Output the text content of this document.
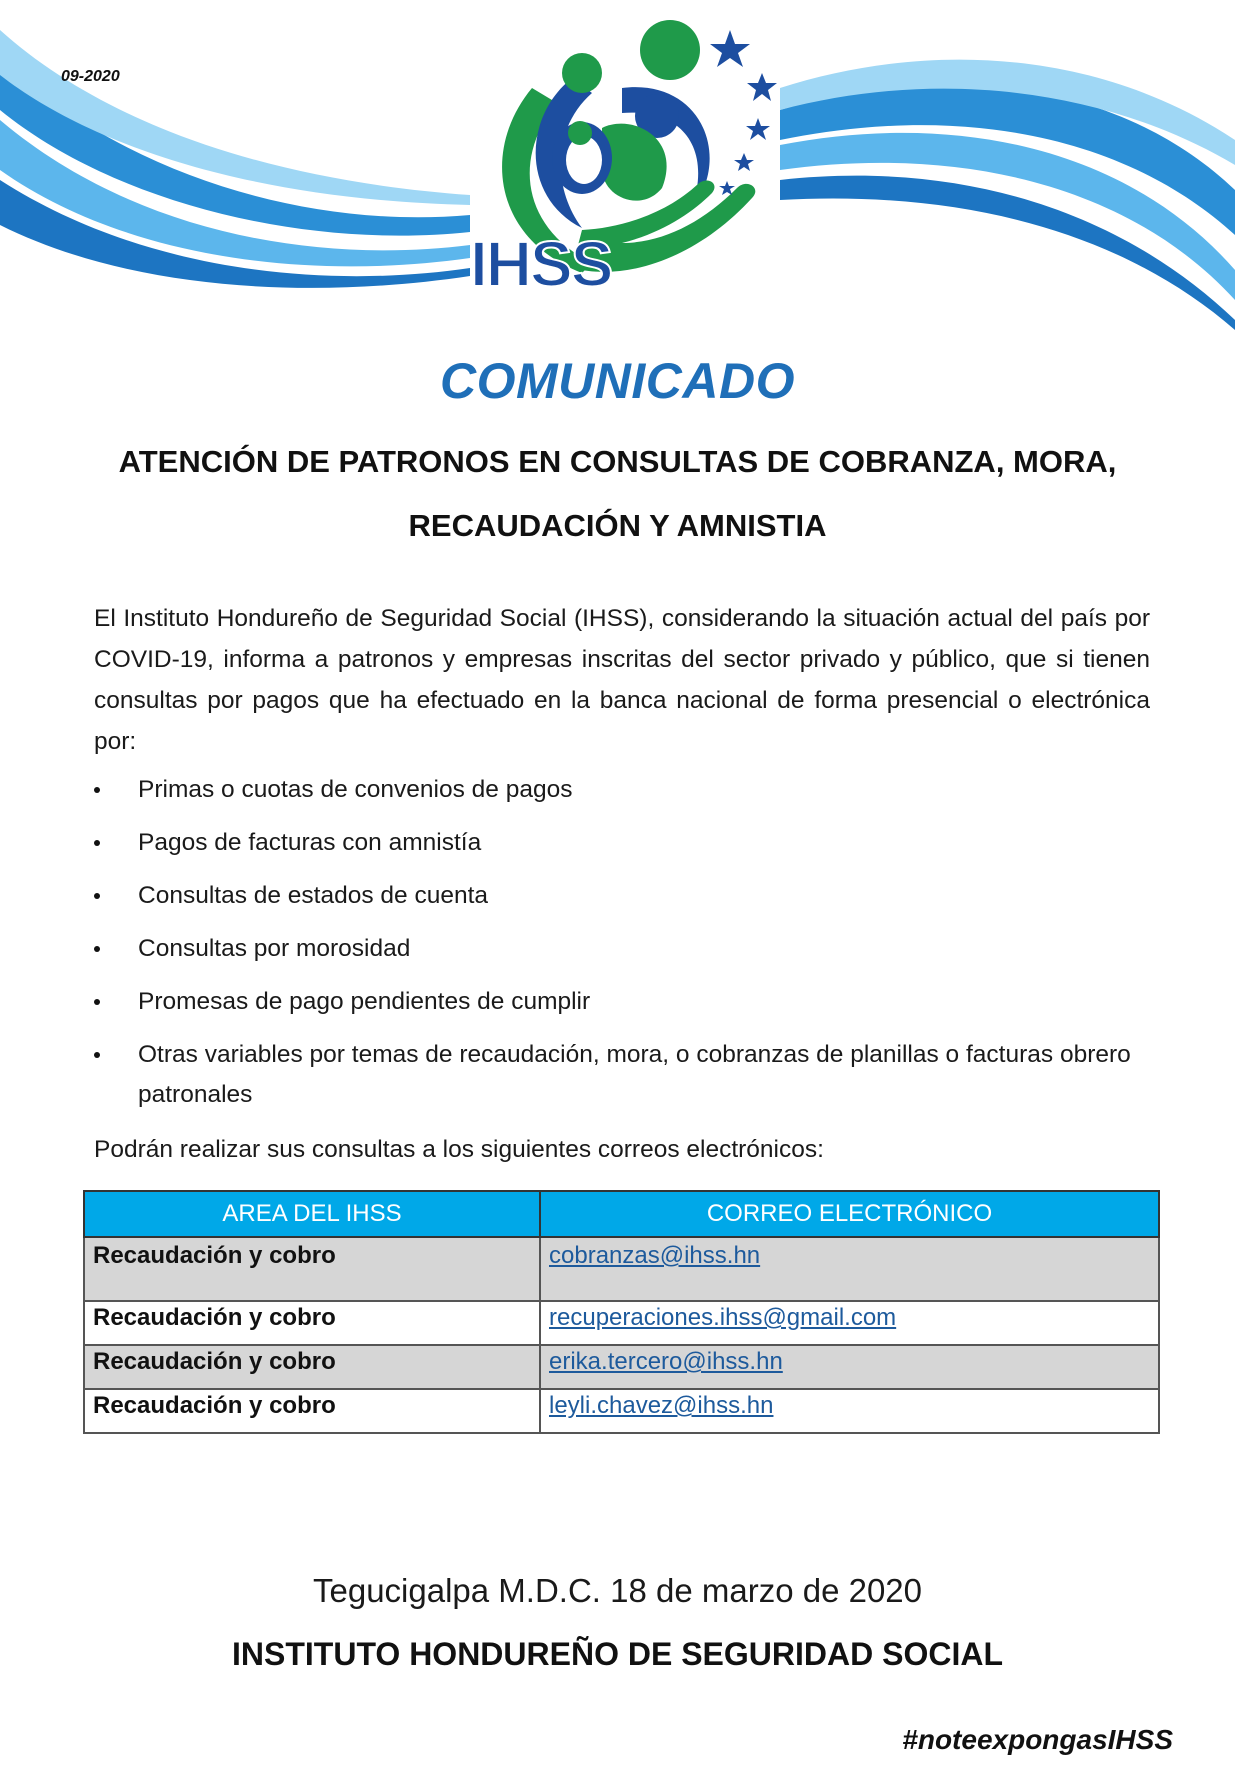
09-2020
IHSS
COMUNICADO
ATENCIÓN DE PATRONOS EN CONSULTAS DE COBRANZA, MORA,
RECAUDACIÓN Y AMNISTIA
El Instituto Hondureño de Seguridad Social (IHSS), considerando la situación actual del país por COVID-19, informa a patronos y empresas inscritas del sector privado y público, que si tienen consultas por pagos que ha efectuado en la banca nacional de forma presencial o electrónica por:
Primas o cuotas de convenios de pagos
Pagos de facturas con amnistía
Consultas de estados de cuenta
Consultas por morosidad
Promesas de pago pendientes de cumplir
Otras variables por temas de recaudación, mora, o cobranzas de planillas o facturas obrero patronales
Podrán realizar sus consultas a los siguientes correos electrónicos:
AREA DEL IHSS	CORREO ELECTRÓNICO
Recaudación y cobro	cobranzas@ihss.hn
Recaudación y cobro	recuperaciones.ihss@gmail.com
Recaudación y cobro	erika.tercero@ihss.hn
Recaudación y cobro	leyli.chavez@ihss.hn
Tegucigalpa M.D.C. 18 de marzo de 2020
INSTITUTO HONDUREÑO DE SEGURIDAD SOCIAL
#noteexpongasIHSS
